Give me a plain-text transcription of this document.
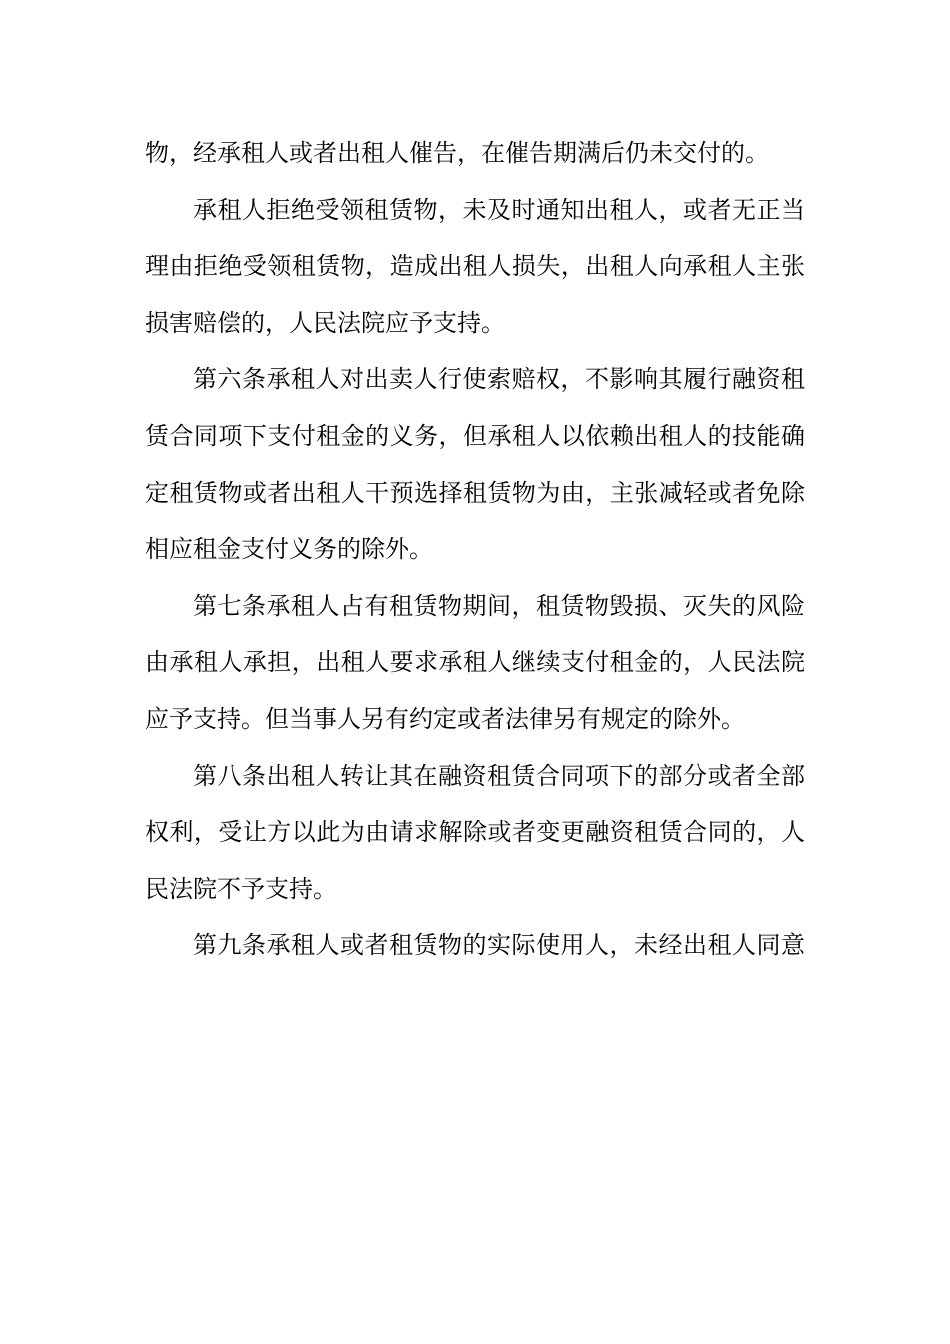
物，经承租人或者出租人催告，在催告期满后仍未交付的。
承租人拒绝受领租赁物，未及时通知出租人，或者无正当
理由拒绝受领租赁物，造成出租人损失，出租人向承租人主张
损害赔偿的，人民法院应予支持。
第六条承租人对出卖人行使索赔权，不影响其履行融资租
赁合同项下支付租金的义务，但承租人以依赖出租人的技能确
定租赁物或者出租人干预选择租赁物为由，主张减轻或者免除
相应租金支付义务的除外。
第七条承租人占有租赁物期间，租赁物毁损、灭失的风险
由承租人承担，出租人要求承租人继续支付租金的，人民法院
应予支持。但当事人另有约定或者法律另有规定的除外。
第八条出租人转让其在融资租赁合同项下的部分或者全部
权利，受让方以此为由请求解除或者变更融资租赁合同的，人
民法院不予支持。
第九条承租人或者租赁物的实际使用人，未经出租人同意
